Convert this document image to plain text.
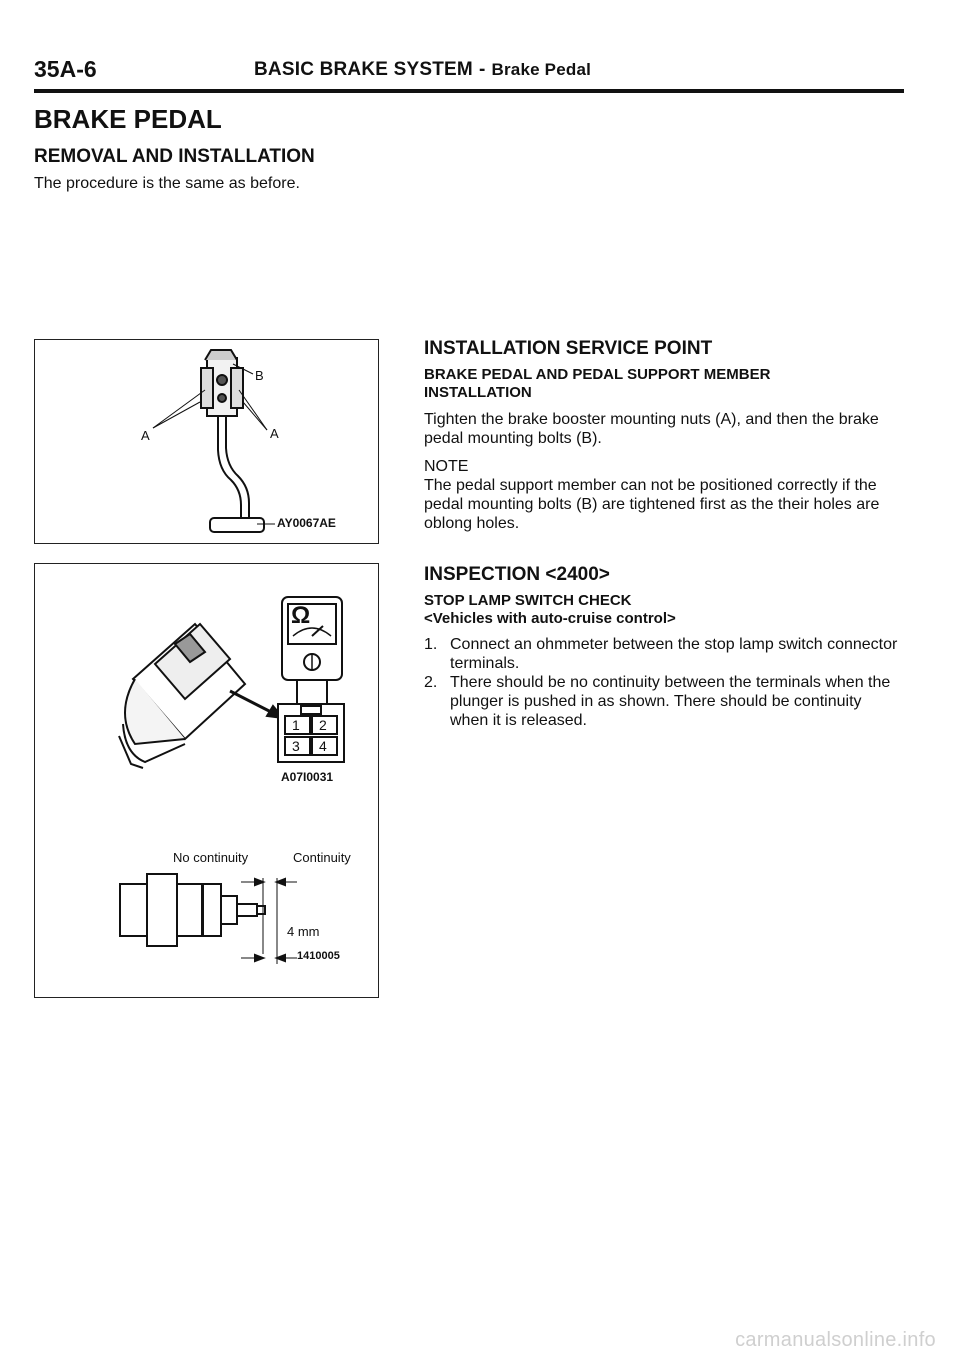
35A-6	BASIC BRAKE SYSTEM - Brake Pedal
BRAKE PEDAL
REMOVAL AND INSTALLATION
The procedure is the same as before.
B
A	A
AY0067AE
Ω
1 2
3 4
A07I0031
No continuity	Continuity
4 mm
1410005
INSTALLATION SERVICE POINT
BRAKE PEDAL AND PEDAL SUPPORT MEMBER
INSTALLATION
Tighten the brake booster mounting nuts (A), and then the brake pedal mounting bolts (B).
NOTE
The pedal support member can not be positioned correctly if the pedal mounting bolts (B) are tightened first as the their holes are oblong holes.
INSPECTION <2400>
STOP LAMP SWITCH CHECK
<Vehicles with auto-cruise control>
1. Connect an ohmmeter between the stop lamp switch connector terminals.
2. There should be no continuity between the terminals when the plunger is pushed in as shown. There should be continuity when it is released.
carmanualsonline.info
